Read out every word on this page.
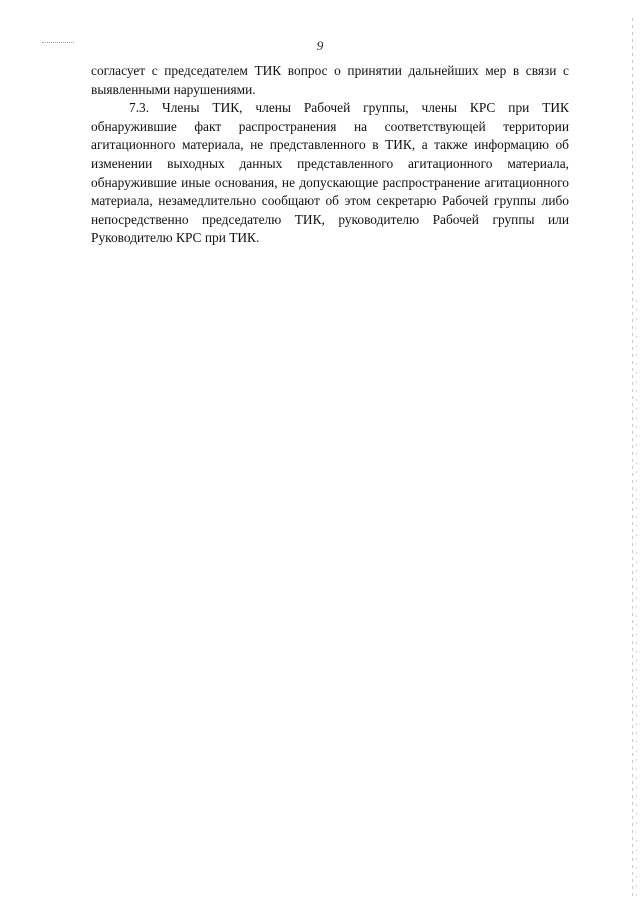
9

согласует с председателем ТИК вопрос о принятии дальнейших мер в связи с выявленными нарушениями.

7.3. Члены ТИК, члены Рабочей группы, члены КРС при ТИК обнаружившие факт распространения на соответствующей территории агитационного материала, не представленного в ТИК, а также информацию об изменении выходных данных представленного агитационного материала, обнаружившие иные основания, не допускающие распространение агитационного материала, незамедлительно сообщают об этом секретарю Рабочей группы либо непосредственно председателю ТИК, руководителю Рабочей группы или Руководителю КРС при ТИК.
